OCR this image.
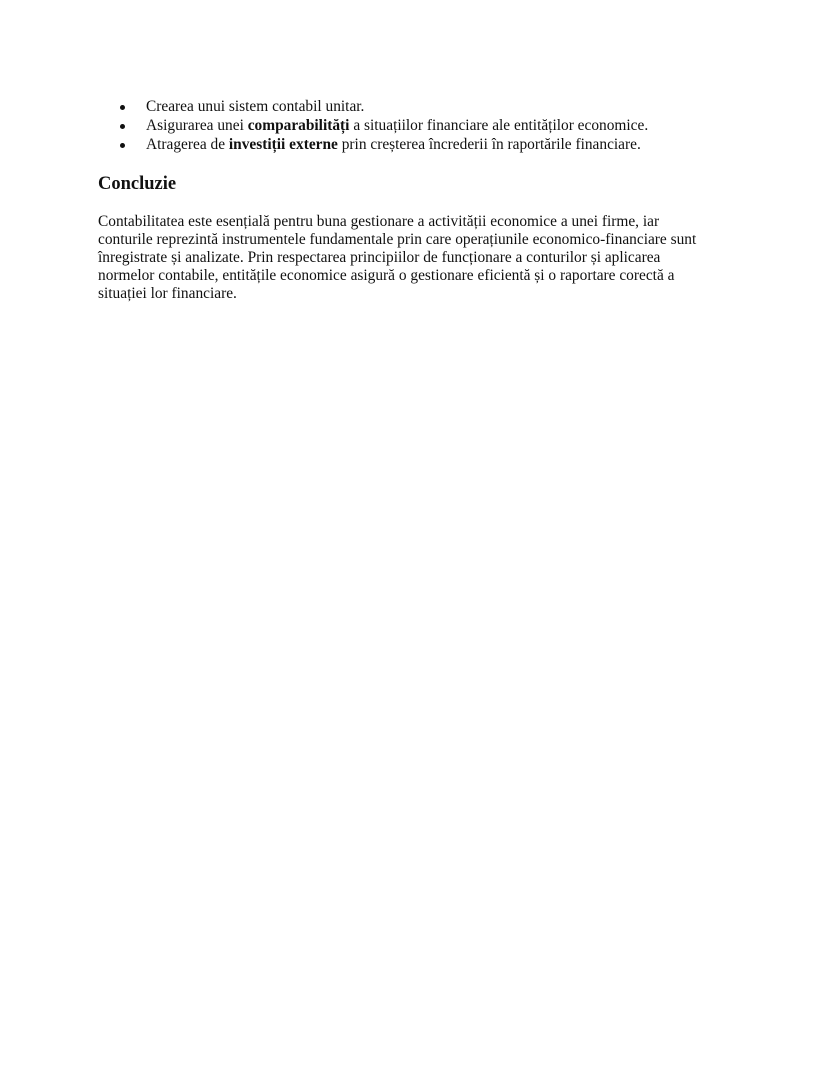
Crearea unui sistem contabil unitar.
Asigurarea unei comparabilități a situațiilor financiare ale entităților economice.
Atragerea de investiții externe prin creșterea încrederii în raportările financiare.
Concluzie

Contabilitatea este esențială pentru buna gestionare a activității economice a unei firme, iar
conturile reprezintă instrumentele fundamentale prin care operațiunile economico-financiare sunt
înregistrate și analizate. Prin respectarea principiilor de funcționare a conturilor și aplicarea
normelor contabile, entitățile economice asigură o gestionare eficientă și o raportare corectă a
situației lor financiare.
